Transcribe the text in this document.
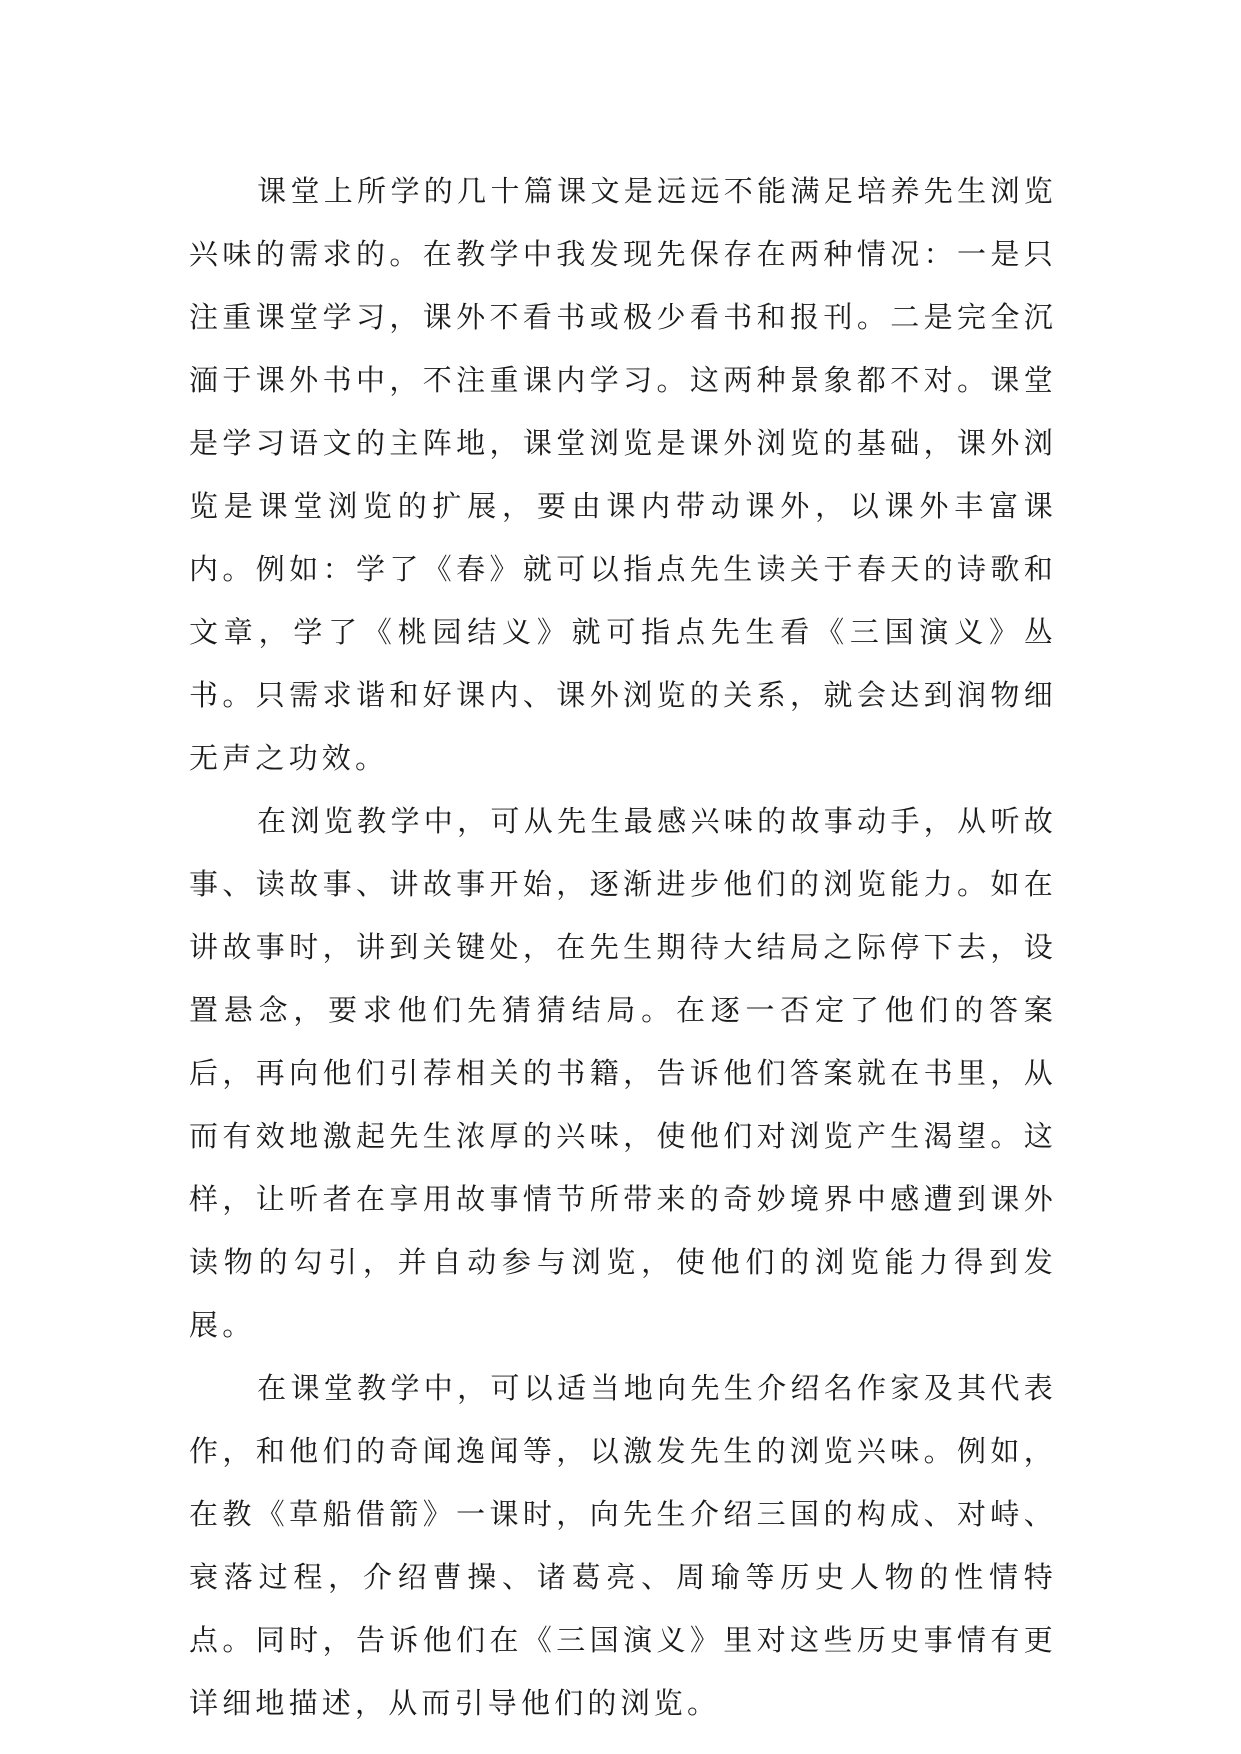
课堂上所学的几十篇课文是远远不能满足培养先生浏览兴味的需求的。在教学中我发现先保存在两种情况：一是只注重课堂学习，课外不看书或极少看书和报刊。二是完全沉湎于课外书中，不注重课内学习。这两种景象都不对。课堂是学习语文的主阵地，课堂浏览是课外浏览的基础，课外浏览是课堂浏览的扩展，要由课内带动课外，以课外丰富课内。例如：学了《春》就可以指点先生读关于春天的诗歌和文章，学了《桃园结义》就可指点先生看《三国演义》丛书。只需求谐和好课内、课外浏览的关系，就会达到润物细无声之功效。

在浏览教学中，可从先生最感兴味的故事动手，从听故事、读故事、讲故事开始，逐渐进步他们的浏览能力。如在讲故事时，讲到关键处，在先生期待大结局之际停下去，设置悬念，要求他们先猜猜结局。在逐一否定了他们的答案后，再向他们引荐相关的书籍，告诉他们答案就在书里，从而有效地激起先生浓厚的兴味，使他们对浏览产生渴望。这样，让听者在享用故事情节所带来的奇妙境界中感遭到课外读物的勾引，并自动参与浏览，使他们的浏览能力得到发展。

在课堂教学中，可以适当地向先生介绍名作家及其代表作，和他们的奇闻逸闻等，以激发先生的浏览兴味。例如，在教《草船借箭》一课时，向先生介绍三国的构成、对峙、衰落过程，介绍曹操、诸葛亮、周瑜等历史人物的性情特点。同时，告诉他们在《三国演义》里对这些历史事情有更详细地描述，从而引导他们的浏览。
